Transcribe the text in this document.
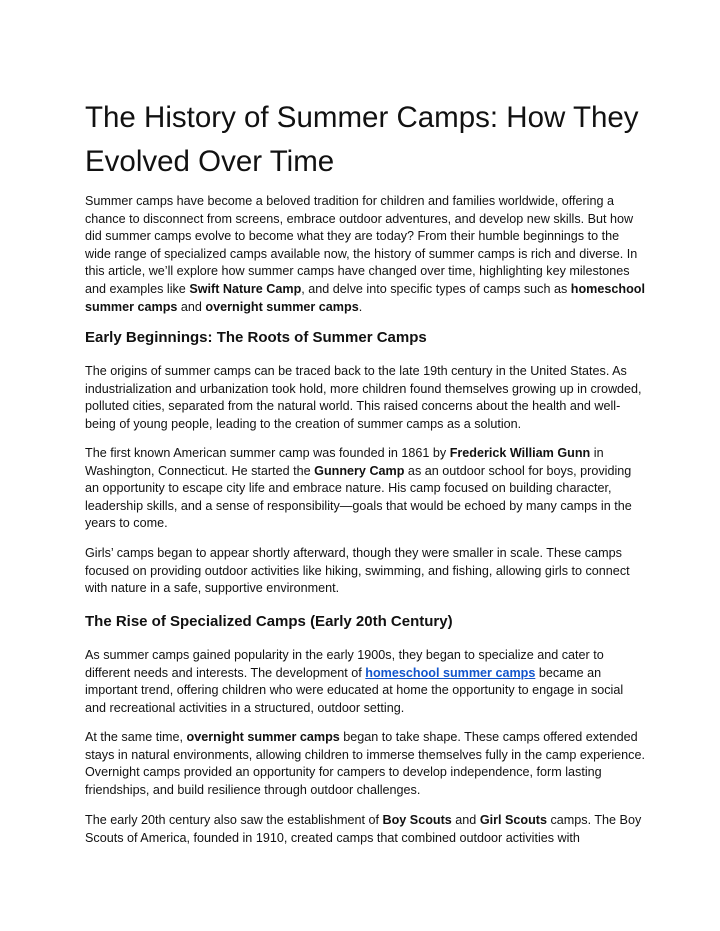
The History of Summer Camps: How They Evolved Over Time

Summer camps have become a beloved tradition for children and families worldwide, offering a chance to disconnect from screens, embrace outdoor adventures, and develop new skills. But how did summer camps evolve to become what they are today? From their humble beginnings to the wide range of specialized camps available now, the history of summer camps is rich and diverse. In this article, we’ll explore how summer camps have changed over time, highlighting key milestones and examples like Swift Nature Camp, and delve into specific types of camps such as homeschool summer camps and overnight summer camps.

Early Beginnings: The Roots of Summer Camps

The origins of summer camps can be traced back to the late 19th century in the United States. As industrialization and urbanization took hold, more children found themselves growing up in crowded, polluted cities, separated from the natural world. This raised concerns about the health and well-being of young people, leading to the creation of summer camps as a solution.

The first known American summer camp was founded in 1861 by Frederick William Gunn in Washington, Connecticut. He started the Gunnery Camp as an outdoor school for boys, providing an opportunity to escape city life and embrace nature. His camp focused on building character, leadership skills, and a sense of responsibility—goals that would be echoed by many camps in the years to come.

Girls’ camps began to appear shortly afterward, though they were smaller in scale. These camps focused on providing outdoor activities like hiking, swimming, and fishing, allowing girls to connect with nature in a safe, supportive environment.

The Rise of Specialized Camps (Early 20th Century)

As summer camps gained popularity in the early 1900s, they began to specialize and cater to different needs and interests. The development of homeschool summer camps became an important trend, offering children who were educated at home the opportunity to engage in social and recreational activities in a structured, outdoor setting.

At the same time, overnight summer camps began to take shape. These camps offered extended stays in natural environments, allowing children to immerse themselves fully in the camp experience. Overnight camps provided an opportunity for campers to develop independence, form lasting friendships, and build resilience through outdoor challenges.

The early 20th century also saw the establishment of Boy Scouts and Girl Scouts camps. The Boy Scouts of America, founded in 1910, created camps that combined outdoor activities with
